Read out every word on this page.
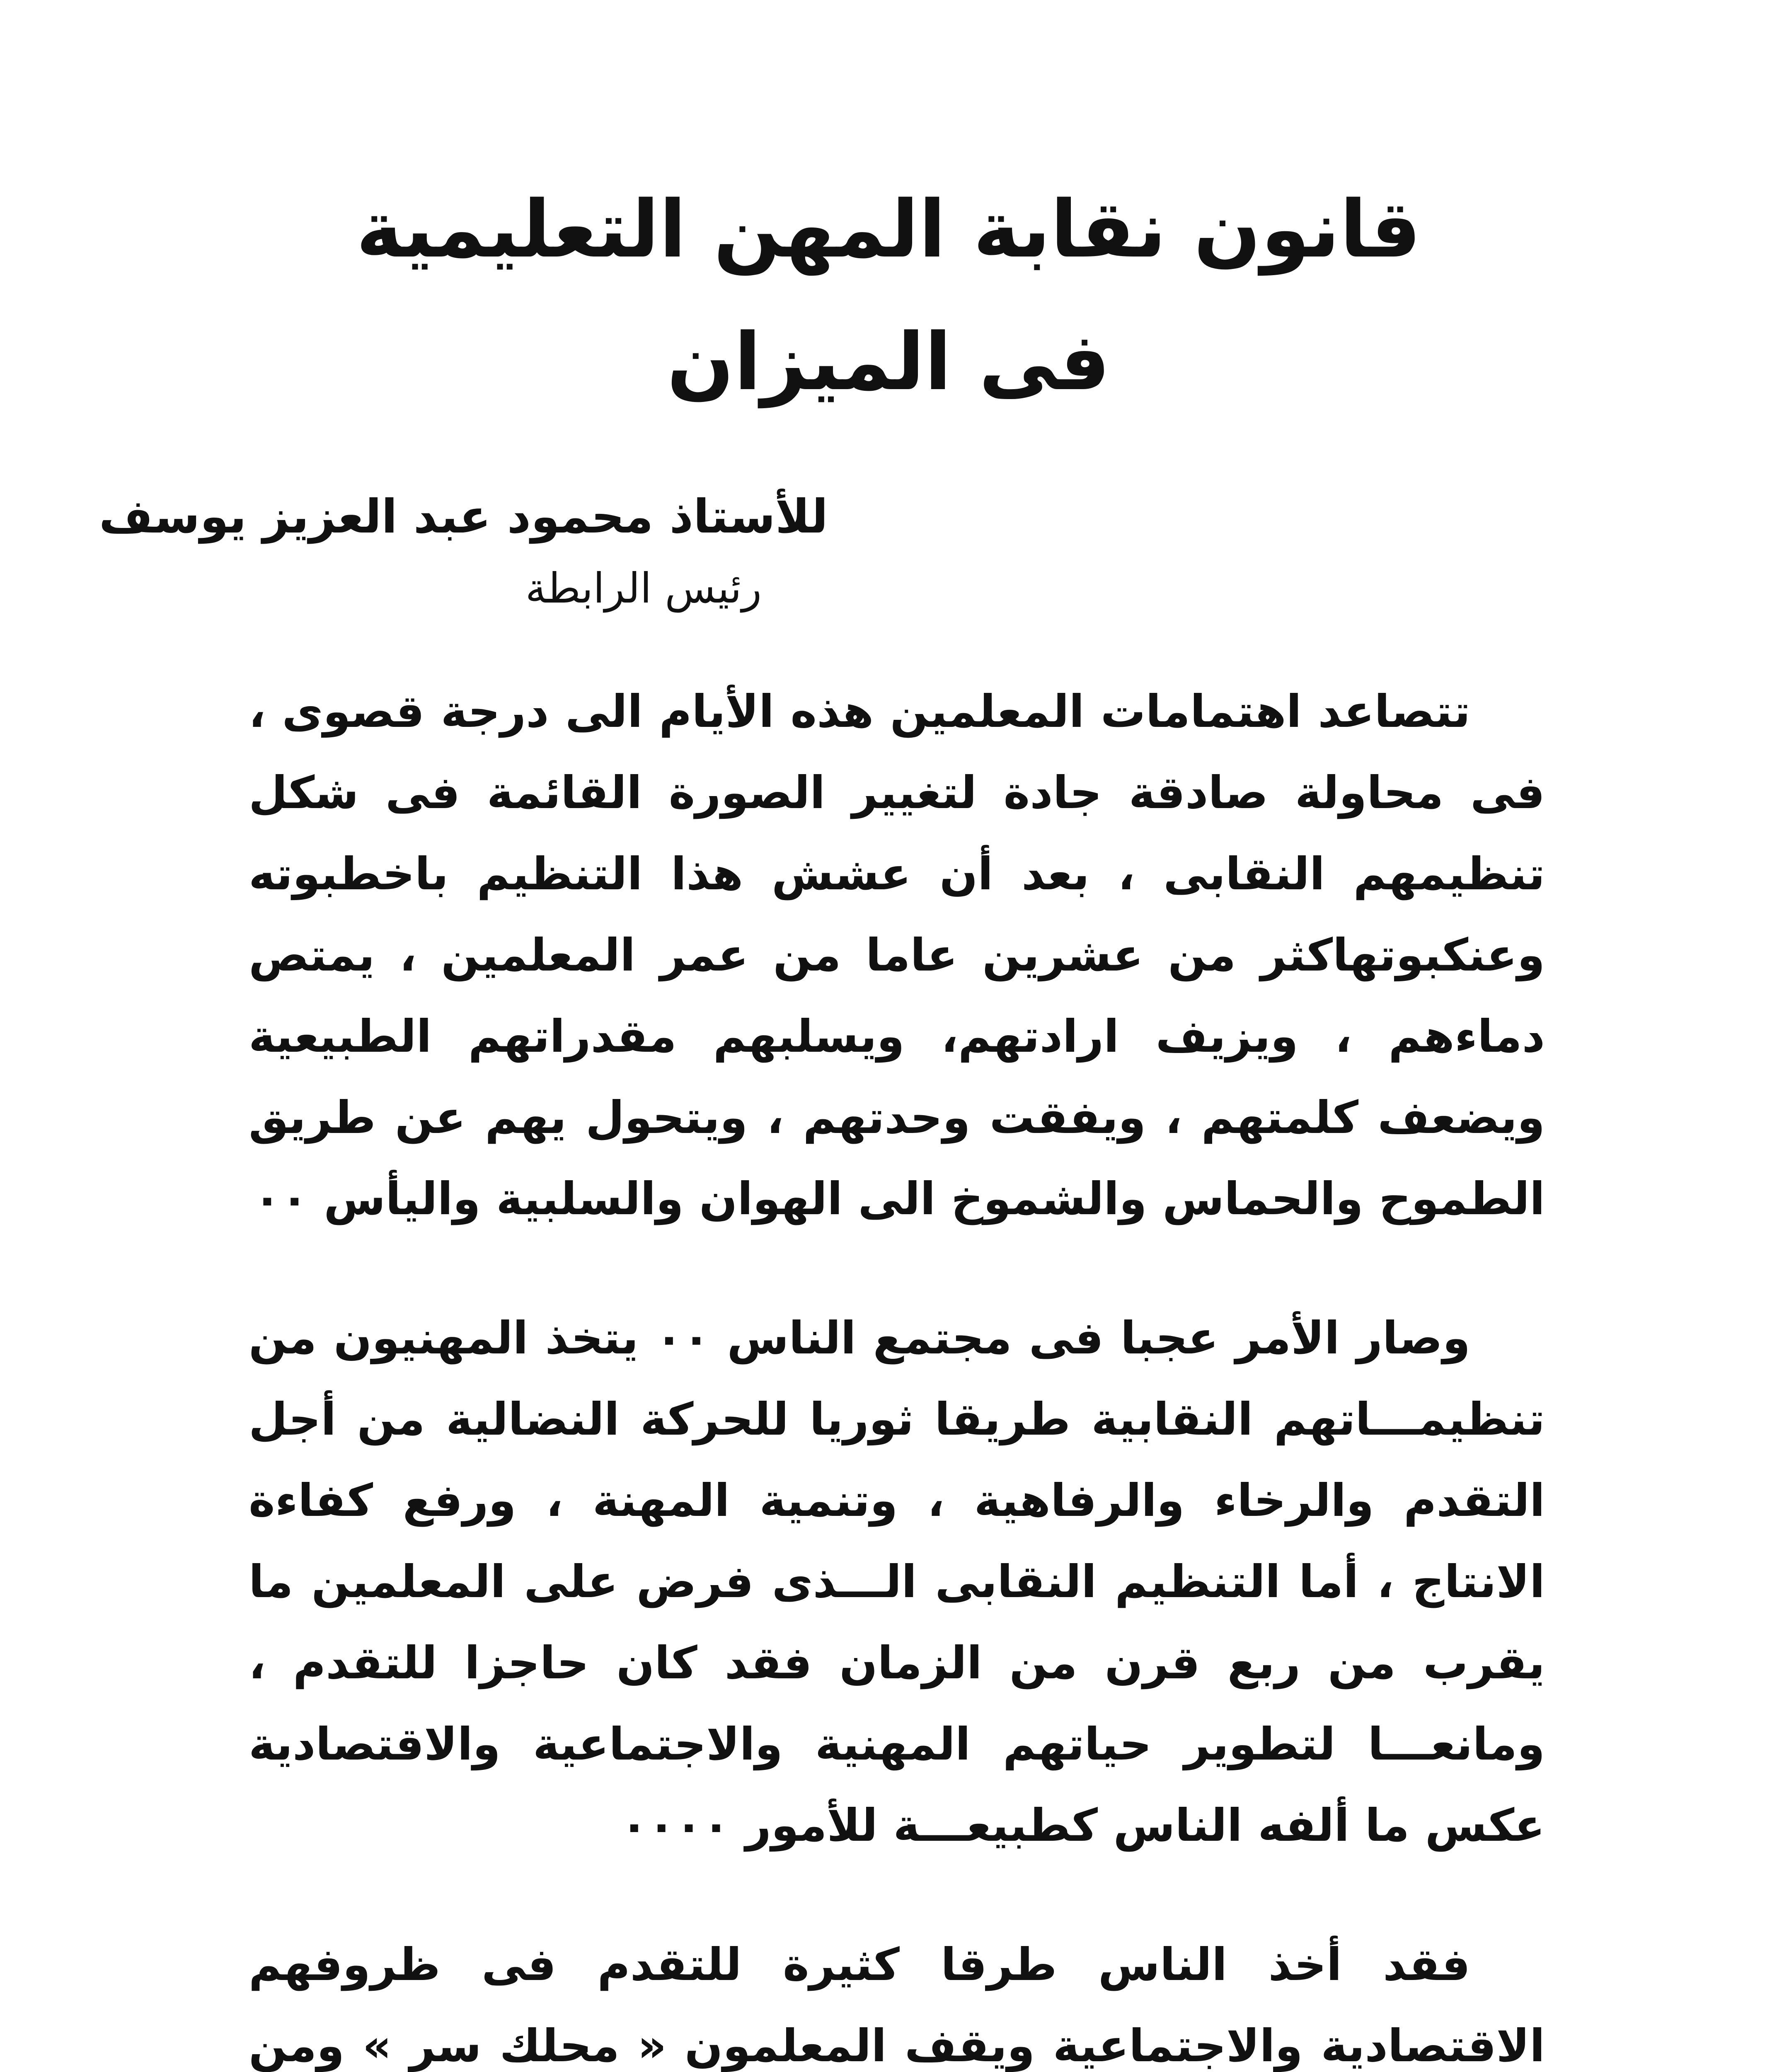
قانون نقابة المهن التعليمية
فى الميزان
للأستاذ محمود عبد العزيز يوسف
رئيس الرابطة

تتصاعد اهتمامات المعلمين هذه الأيام الى درجة قصوى ، فى محاولة صادقة جادة لتغيير الصورة القائمة فى شكل تنظيمهم النقابى ، بعد أن عشش هذا التنظيم باخطبوته وعنكبوتهاكثر من عشرين عاما من عمر المعلمين ، يمتص دماءهم ، ويزيف ارادتهم، ويسلبهم مقدراتهم الطبيعية ويضعف كلمتهم ، ويفقت وحدتهم ، ويتحول يهم عن طريق الطموح والحماس والشموخ الى الهوان والسلبية واليأس ٠٠

وصار الأمر عجبا فى مجتمع الناس ٠٠ يتخذ المهنيون من تنظيمـــاتهم النقابية طريقا ثوريا للحركة النضالية من أجل التقدم والرخاء والرفاهية ، وتنمية المهنة ، ورفع كفاءة الانتاج ، أما التنظيم النقابى الـــذى فرض على المعلمين ما يقرب من ربع قرن من الزمان فقد كان حاجزا للتقدم ، ومانعـــا لتطوير حياتهم المهنية والاجتماعية والاقتصادية عكس ما ألفه الناس كطبيعـــة للأمور ٠٠٠٠

فقد أخذ الناس طرقا كثيرة للتقدم فى ظروفهم الاقتصادية والاجتماعية ويقف المعلمون « محلك سر » ومن
